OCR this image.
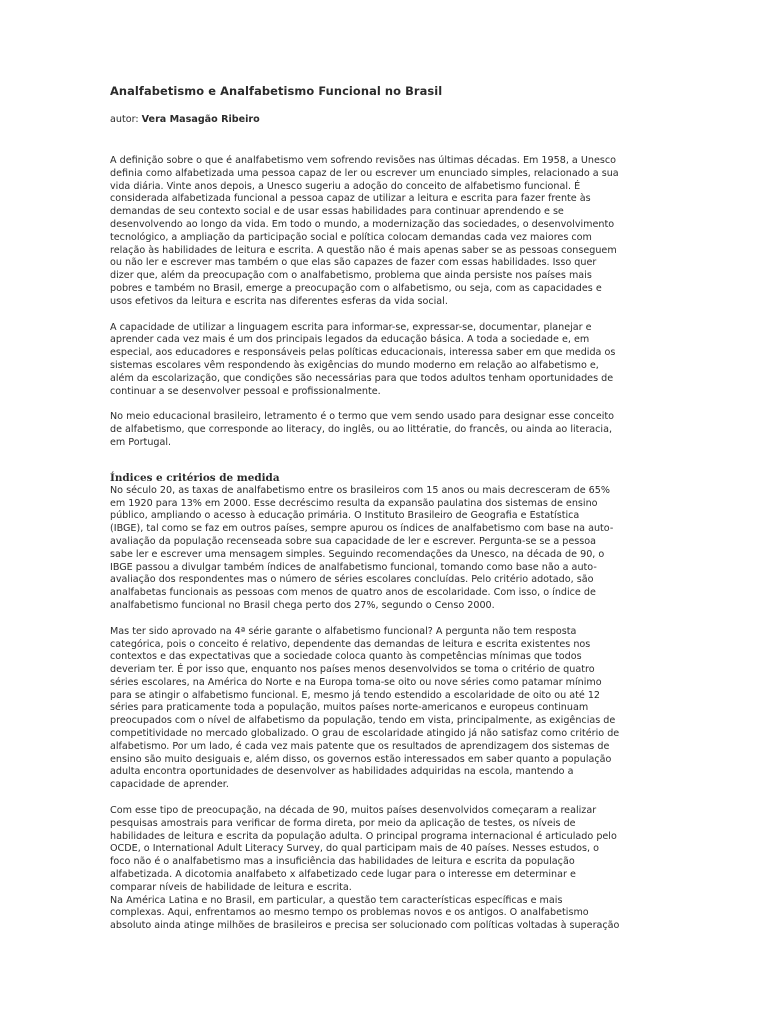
Analfabetismo e Analfabetismo Funcional no Brasil
autor: Vera Masagão Ribeiro
A definição sobre o que é analfabetismo vem sofrendo revisões nas últimas décadas. Em 1958, a Unesco
definia como alfabetizada uma pessoa capaz de ler ou escrever um enunciado simples, relacionado a sua
vida diária. Vinte anos depois, a Unesco sugeriu a adoção do conceito de alfabetismo funcional. É
considerada alfabetizada funcional a pessoa capaz de utilizar a leitura e escrita para fazer frente às
demandas de seu contexto social e de usar essas habilidades para continuar aprendendo e se
desenvolvendo ao longo da vida. Em todo o mundo, a modernização das sociedades, o desenvolvimento
tecnológico, a ampliação da participação social e política colocam demandas cada vez maiores com
relação às habilidades de leitura e escrita. A questão não é mais apenas saber se as pessoas conseguem
ou não ler e escrever mas também o que elas são capazes de fazer com essas habilidades. Isso quer
dizer que, além da preocupação com o analfabetismo, problema que ainda persiste nos países mais
pobres e também no Brasil, emerge a preocupação com o alfabetismo, ou seja, com as capacidades e
usos efetivos da leitura e escrita nas diferentes esferas da vida social.
A capacidade de utilizar a linguagem escrita para informar-se, expressar-se, documentar, planejar e
aprender cada vez mais é um dos principais legados da educação básica. A toda a sociedade e, em
especial, aos educadores e responsáveis pelas políticas educacionais, interessa saber em que medida os
sistemas escolares vêm respondendo às exigências do mundo moderno em relação ao alfabetismo e,
além da escolarização, que condições são necessárias para que todos adultos tenham oportunidades de
continuar a se desenvolver pessoal e profissionalmente.
No meio educacional brasileiro, letramento é o termo que vem sendo usado para designar esse conceito
de alfabetismo, que corresponde ao literacy, do inglês, ou ao littératie, do francês, ou ainda ao literacia,
em Portugal.
Índices e critérios de medida
No século 20, as taxas de analfabetismo entre os brasileiros com 15 anos ou mais decresceram de 65%
em 1920 para 13% em 2000. Esse decréscimo resulta da expansão paulatina dos sistemas de ensino
público, ampliando o acesso à educação primária. O Instituto Brasileiro de Geografia e Estatística
(IBGE), tal como se faz em outros países, sempre apurou os índices de analfabetismo com base na auto-
avaliação da população recenseada sobre sua capacidade de ler e escrever. Pergunta-se se a pessoa
sabe ler e escrever uma mensagem simples. Seguindo recomendações da Unesco, na década de 90, o
IBGE passou a divulgar também índices de analfabetismo funcional, tomando como base não a auto-
avaliação dos respondentes mas o número de séries escolares concluídas. Pelo critério adotado, são
analfabetas funcionais as pessoas com menos de quatro anos de escolaridade. Com isso, o índice de
analfabetismo funcional no Brasil chega perto dos 27%, segundo o Censo 2000.
Mas ter sido aprovado na 4ª série garante o alfabetismo funcional? A pergunta não tem resposta
categórica, pois o conceito é relativo, dependente das demandas de leitura e escrita existentes nos
contextos e das expectativas que a sociedade coloca quanto às competências mínimas que todos
deveriam ter. É por isso que, enquanto nos países menos desenvolvidos se toma o critério de quatro
séries escolares, na América do Norte e na Europa toma-se oito ou nove séries como patamar mínimo
para se atingir o alfabetismo funcional. E, mesmo já tendo estendido a escolaridade de oito ou até 12
séries para praticamente toda a população, muitos países norte-americanos e europeus continuam
preocupados com o nível de alfabetismo da população, tendo em vista, principalmente, as exigências de
competitividade no mercado globalizado. O grau de escolaridade atingido já não satisfaz como critério de
alfabetismo. Por um lado, é cada vez mais patente que os resultados de aprendizagem dos sistemas de
ensino são muito desiguais e, além disso, os governos estão interessados em saber quanto a população
adulta encontra oportunidades de desenvolver as habilidades adquiridas na escola, mantendo a
capacidade de aprender.
Com esse tipo de preocupação, na década de 90, muitos países desenvolvidos começaram a realizar
pesquisas amostrais para verificar de forma direta, por meio da aplicação de testes, os níveis de
habilidades de leitura e escrita da população adulta. O principal programa internacional é articulado pelo
OCDE, o International Adult Literacy Survey, do qual participam mais de 40 países. Nesses estudos, o
foco não é o analfabetismo mas a insuficiência das habilidades de leitura e escrita da população
alfabetizada. A dicotomia analfabeto x alfabetizado cede lugar para o interesse em determinar e
comparar níveis de habilidade de leitura e escrita.
Na América Latina e no Brasil, em particular, a questão tem características específicas e mais
complexas. Aqui, enfrentamos ao mesmo tempo os problemas novos e os antigos. O analfabetismo
absoluto ainda atinge milhões de brasileiros e precisa ser solucionado com políticas voltadas à superação
